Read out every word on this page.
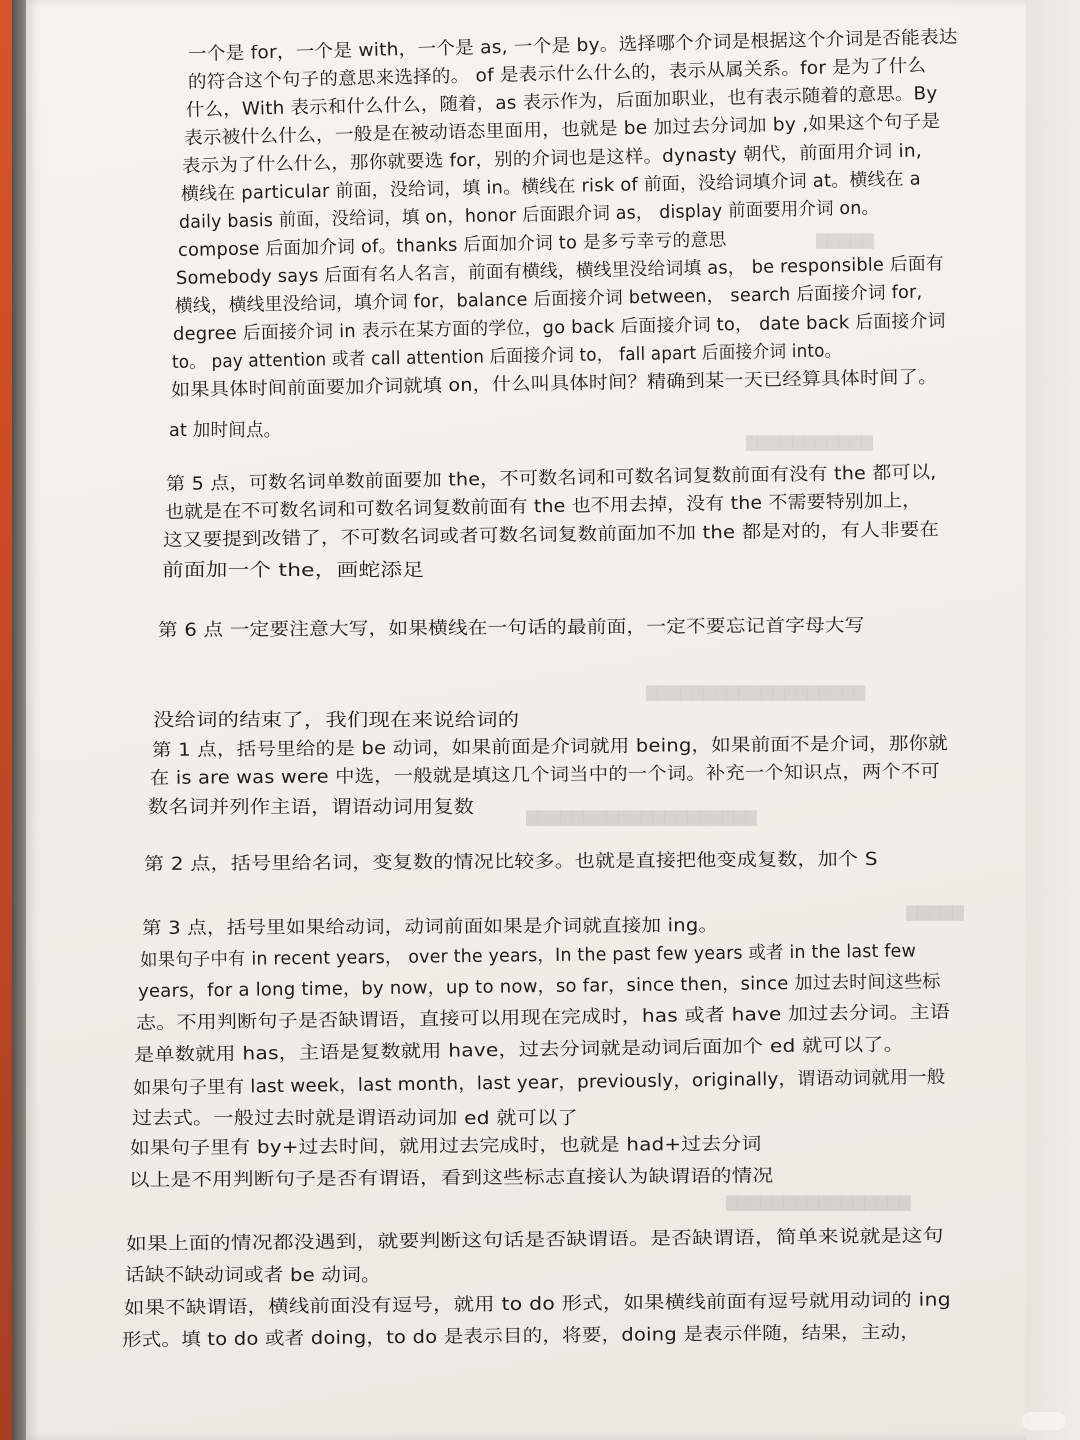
▇▇▇▇▇
▇▇▇▇▇▇▇▇▇▇▇
▇▇▇▇▇▇▇▇▇▇▇▇▇▇▇▇▇▇▇
▇▇▇▇▇▇▇▇▇▇▇▇▇▇▇▇▇▇▇▇
▇▇▇▇▇
▇▇▇▇▇▇▇▇▇▇▇▇▇▇▇▇
一个是 for，一个是 with，一个是 as, 一个是 by。选择哪个介词是根据这个介词是否能表达
的符合这个句子的意思来选择的。 of 是表示什么什么的，表示从属关系。for 是为了什么
什么，With 表示和什么什么，随着，as 表示作为，后面加职业，也有表示随着的意思。By
表示被什么什么，一般是在被动语态里面用，也就是 be 加过去分词加 by ,如果这个句子是
表示为了什么什么，那你就要选 for，别的介词也是这样。dynasty 朝代，前面用介词 in,
横线在 particular 前面，没给词，填 in。横线在 risk of 前面，没给词填介词 at。横线在 a
daily basis 前面，没给词，填 on，honor 后面跟介词 as， display 前面要用介词 on。
compose 后面加介词 of。thanks 后面加介词 to 是多亏幸亏的意思
Somebody says 后面有名人名言，前面有横线，横线里没给词填 as， be responsible 后面有
横线，横线里没给词，填介词 for，balance 后面接介词 between， search 后面接介词 for,
degree 后面接介词 in 表示在某方面的学位，go back 后面接介词 to， date back 后面接介词
to。 pay attention 或者 call attention 后面接介词 to， fall apart 后面接介词 into。
如果具体时间前面要加介词就填 on，什么叫具体时间？精确到某一天已经算具体时间了。
at 加时间点。
第 5 点，可数名词单数前面要加 the，不可数名词和可数名词复数前面有没有 the 都可以,
也就是在不可数名词和可数名词复数前面有 the 也不用去掉，没有 the 不需要特别加上，
这又要提到改错了，不可数名词或者可数名词复数前面加不加 the 都是对的，有人非要在
前面加一个 the，画蛇添足
第 6 点 一定要注意大写，如果横线在一句话的最前面，一定不要忘记首字母大写
没给词的结束了，我们现在来说给词的
第 1 点，括号里给的是 be 动词，如果前面是介词就用 being，如果前面不是介词，那你就
在 is are was were 中选，一般就是填这几个词当中的一个词。补充一个知识点，两个不可
数名词并列作主语，谓语动词用复数
第 2 点，括号里给名词，变复数的情况比较多。也就是直接把他变成复数，加个 S
第 3 点，括号里如果给动词，动词前面如果是介词就直接加 ing。
如果句子中有 in recent years， over the years，In the past few years 或者 in the last few
years，for a long time，by now，up to now，so far，since then，since 加过去时间这些标
志。不用判断句子是否缺谓语，直接可以用现在完成时，has 或者 have 加过去分词。主语
是单数就用 has，主语是复数就用 have，过去分词就是动词后面加个 ed 就可以了。
如果句子里有 last week，last month，last year，previously，originally，谓语动词就用一般
过去式。一般过去时就是谓语动词加 ed 就可以了
如果句子里有 by+过去时间，就用过去完成时，也就是 had+过去分词
以上是不用判断句子是否有谓语，看到这些标志直接认为缺谓语的情况
如果上面的情况都没遇到，就要判断这句话是否缺谓语。是否缺谓语，简单来说就是这句
话缺不缺动词或者 be 动词。
如果不缺谓语，横线前面没有逗号，就用 to do 形式，如果横线前面有逗号就用动词的 ing
形式。填 to do 或者 doing，to do 是表示目的，将要，doing 是表示伴随，结果，主动，
